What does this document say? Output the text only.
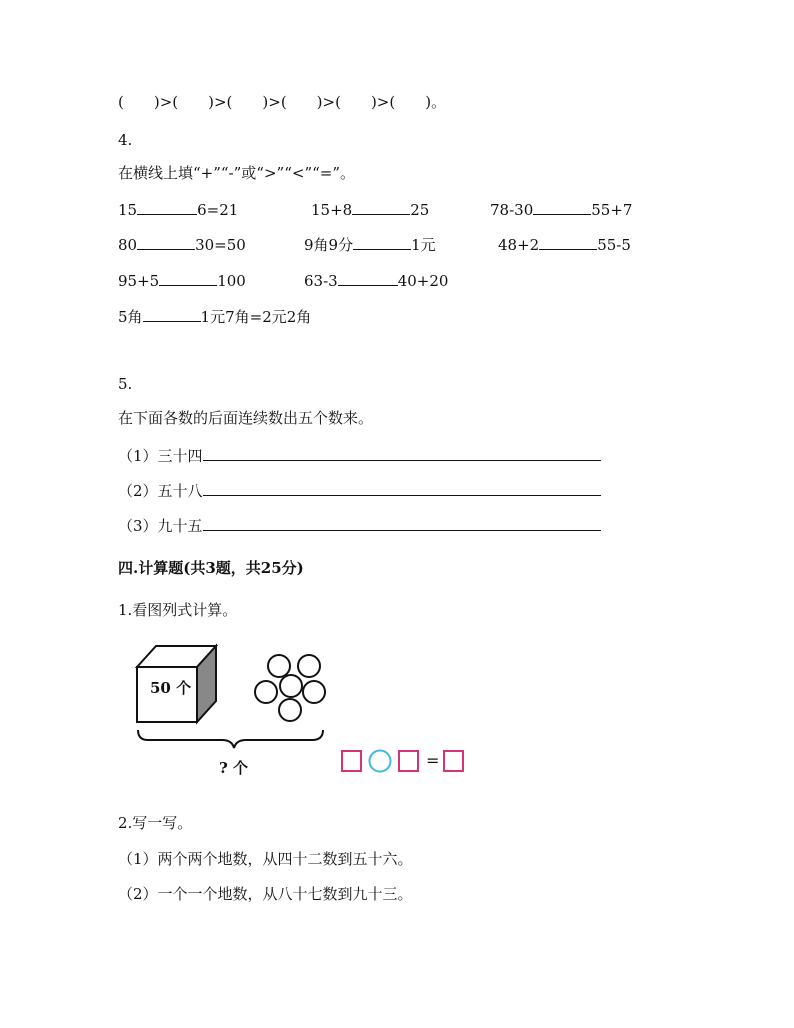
(　　)>(　　)>(　　)>(　　)>(　　)>(　　)。
4.
在横线上填“+”“-”或“>”“<”“=”。
15	6=21	15+8	25	78-30	55+7
80	30=50	9角9分	1元	48+2	55-5
95+5	100	63-3	40+20
5角	1元7角=2元2角
5.
在下面各数的后面连续数出五个数来。
（1）三十四
（2）五十八
（3）九十五
四.计算题(共3题，共25分)
1.看图列式计算。
50 个
? 个	=
2.写一写。
（1）两个两个地数，从四十二数到五十六。
（2）一个一个地数，从八十七数到九十三。
